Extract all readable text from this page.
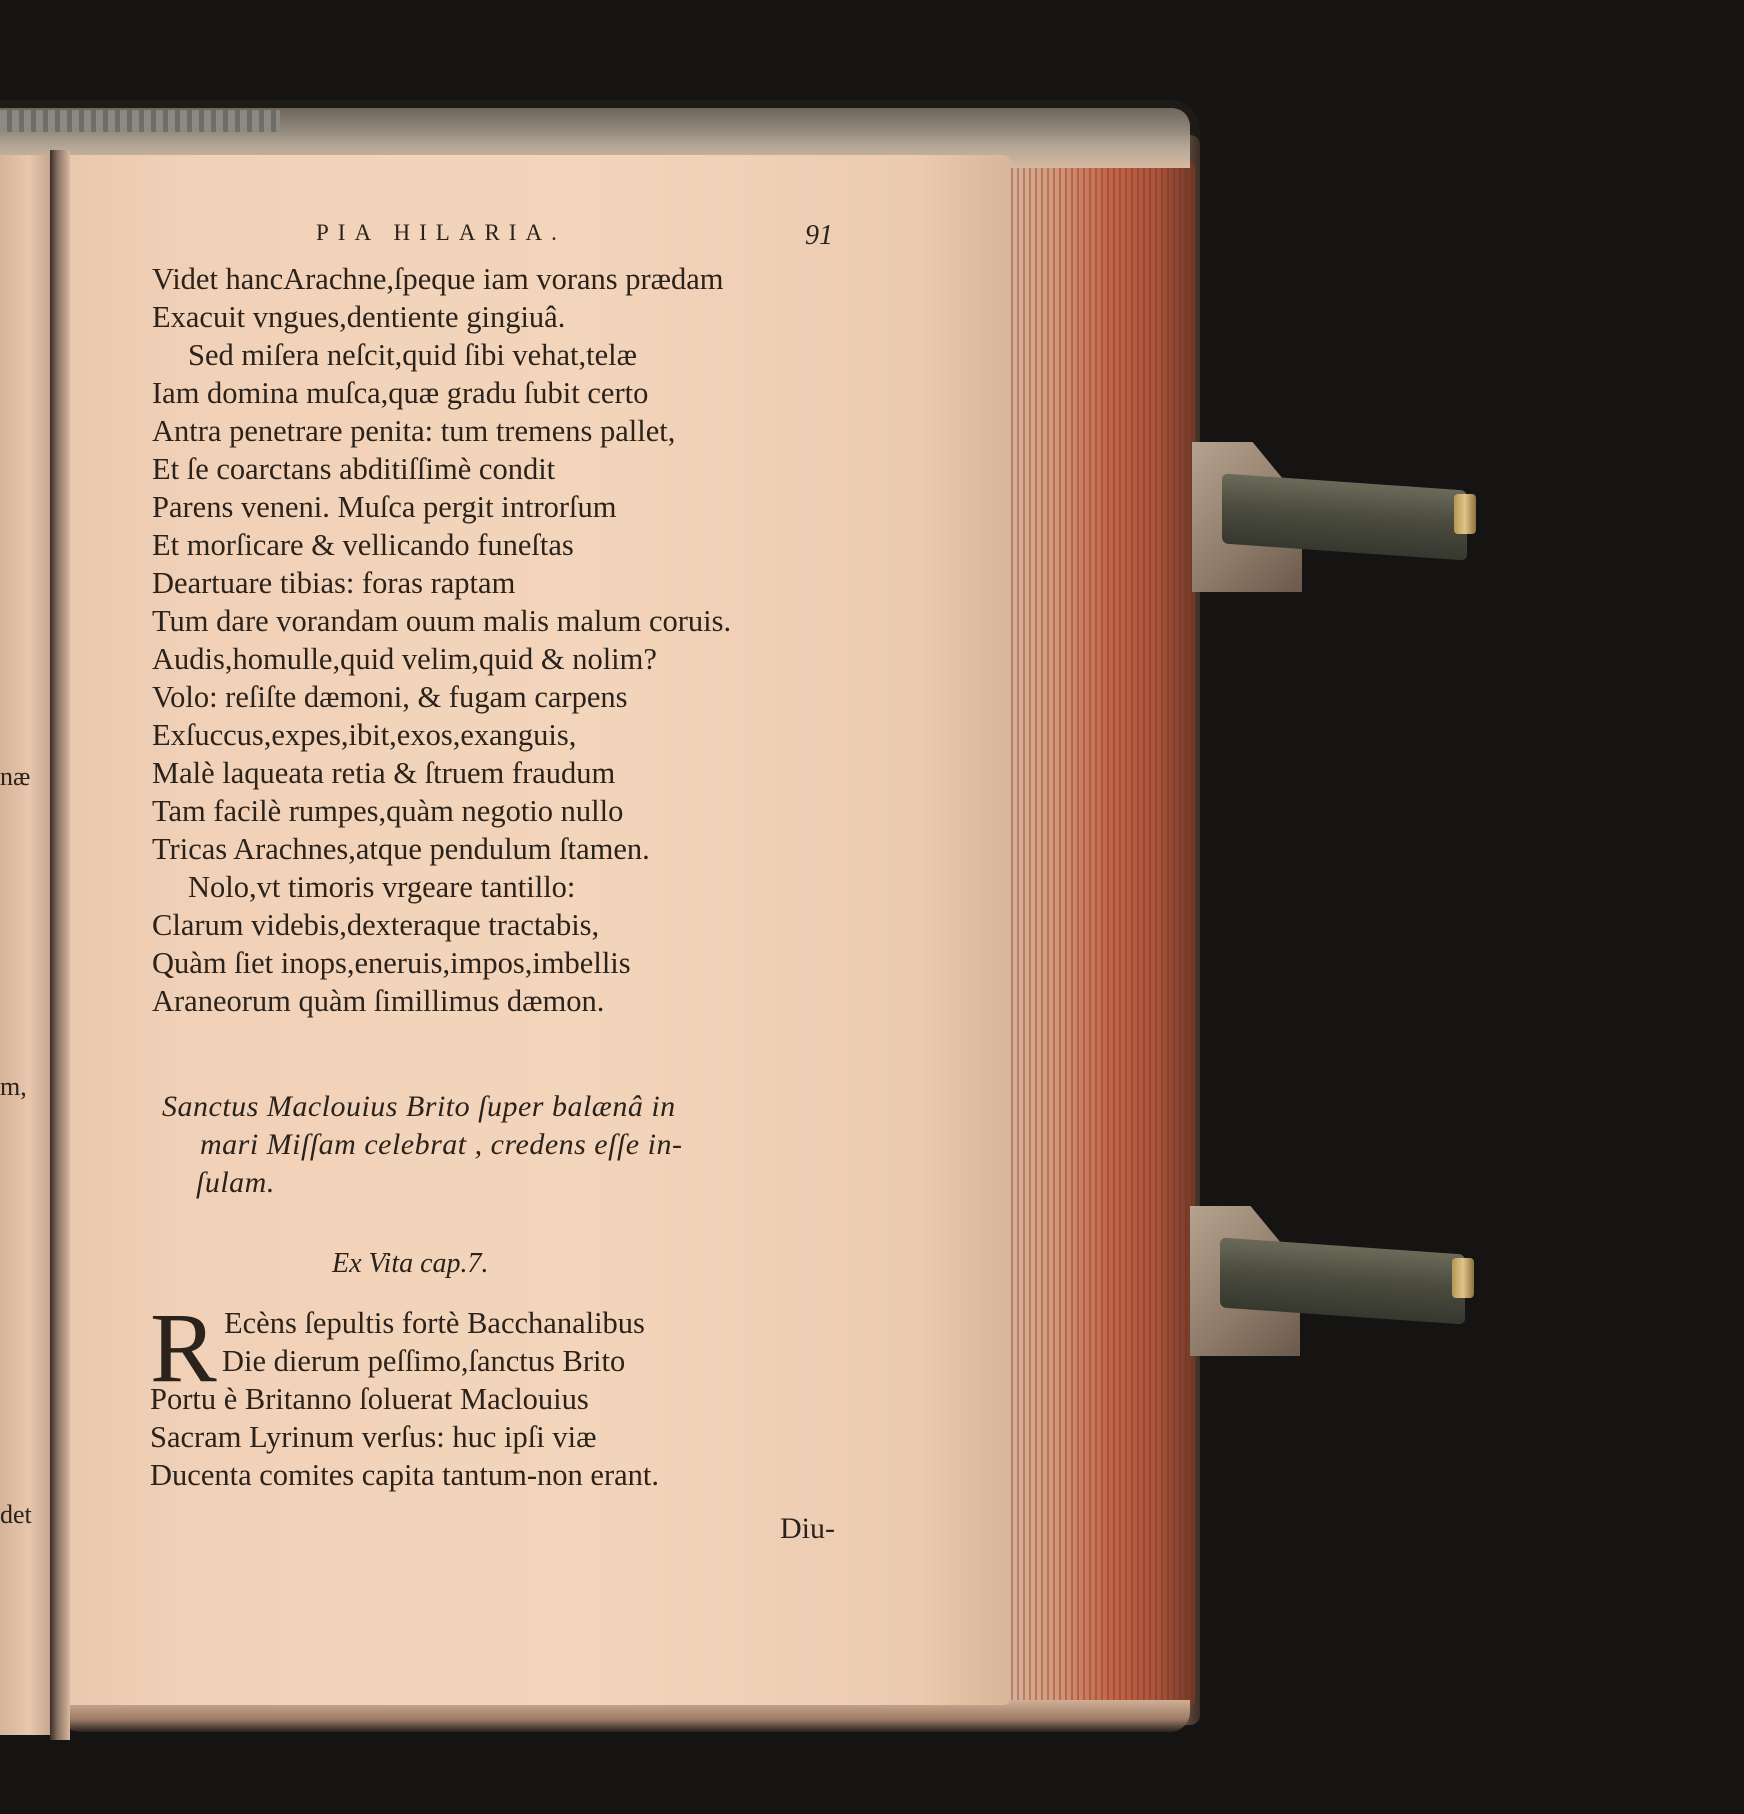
næ
m,
det
PIA HILARIA.	91
Videt hancArachne,ſpeque iam vorans prædam
Exacuit vngues,dentiente gingiuâ.
Sed miſera neſcit,quid ſibi vehat,telæ
Iam domina muſca,quæ gradu ſubit certo
Antra penetrare penita: tum tremens pallet,
Et ſe coarctans abditiſſimè condit
Parens veneni. Muſca pergit introrſum
Et morſicare & vellicando funeſtas
Deartuare tibias: foras raptam
Tum dare vorandam ouum malis malum coruis.
Audis,homulle,quid velim,quid & nolim?
Volo: reſiſte dæmoni, & fugam carpens
Exſuccus,expes,ibit,exos,exanguis,
Malè laqueata retia & ſtruem fraudum
Tam facilè rumpes,quàm negotio nullo
Tricas Arachnes,atque pendulum ſtamen.
Nolo,vt timoris vrgeare tantillo:
Clarum videbis,dexteraque tractabis,
Quàm ſiet inops,eneruis,impos,imbellis
Araneorum quàm ſimillimus dæmon.
Sanctus Maclouius Brito ſuper balænâ in
mari Miſſam celebrat , credens eſſe in-
ſulam.
Ex Vita cap.7.
R Ecèns ſepultis fortè Bacchanalibus
Die dierum peſſimo,ſanctus Brito
Portu è Britanno ſoluerat Maclouius
Sacram Lyrinum verſus: huc ipſi viæ
Ducenta comites capita tantum-non erant.
Diu-
